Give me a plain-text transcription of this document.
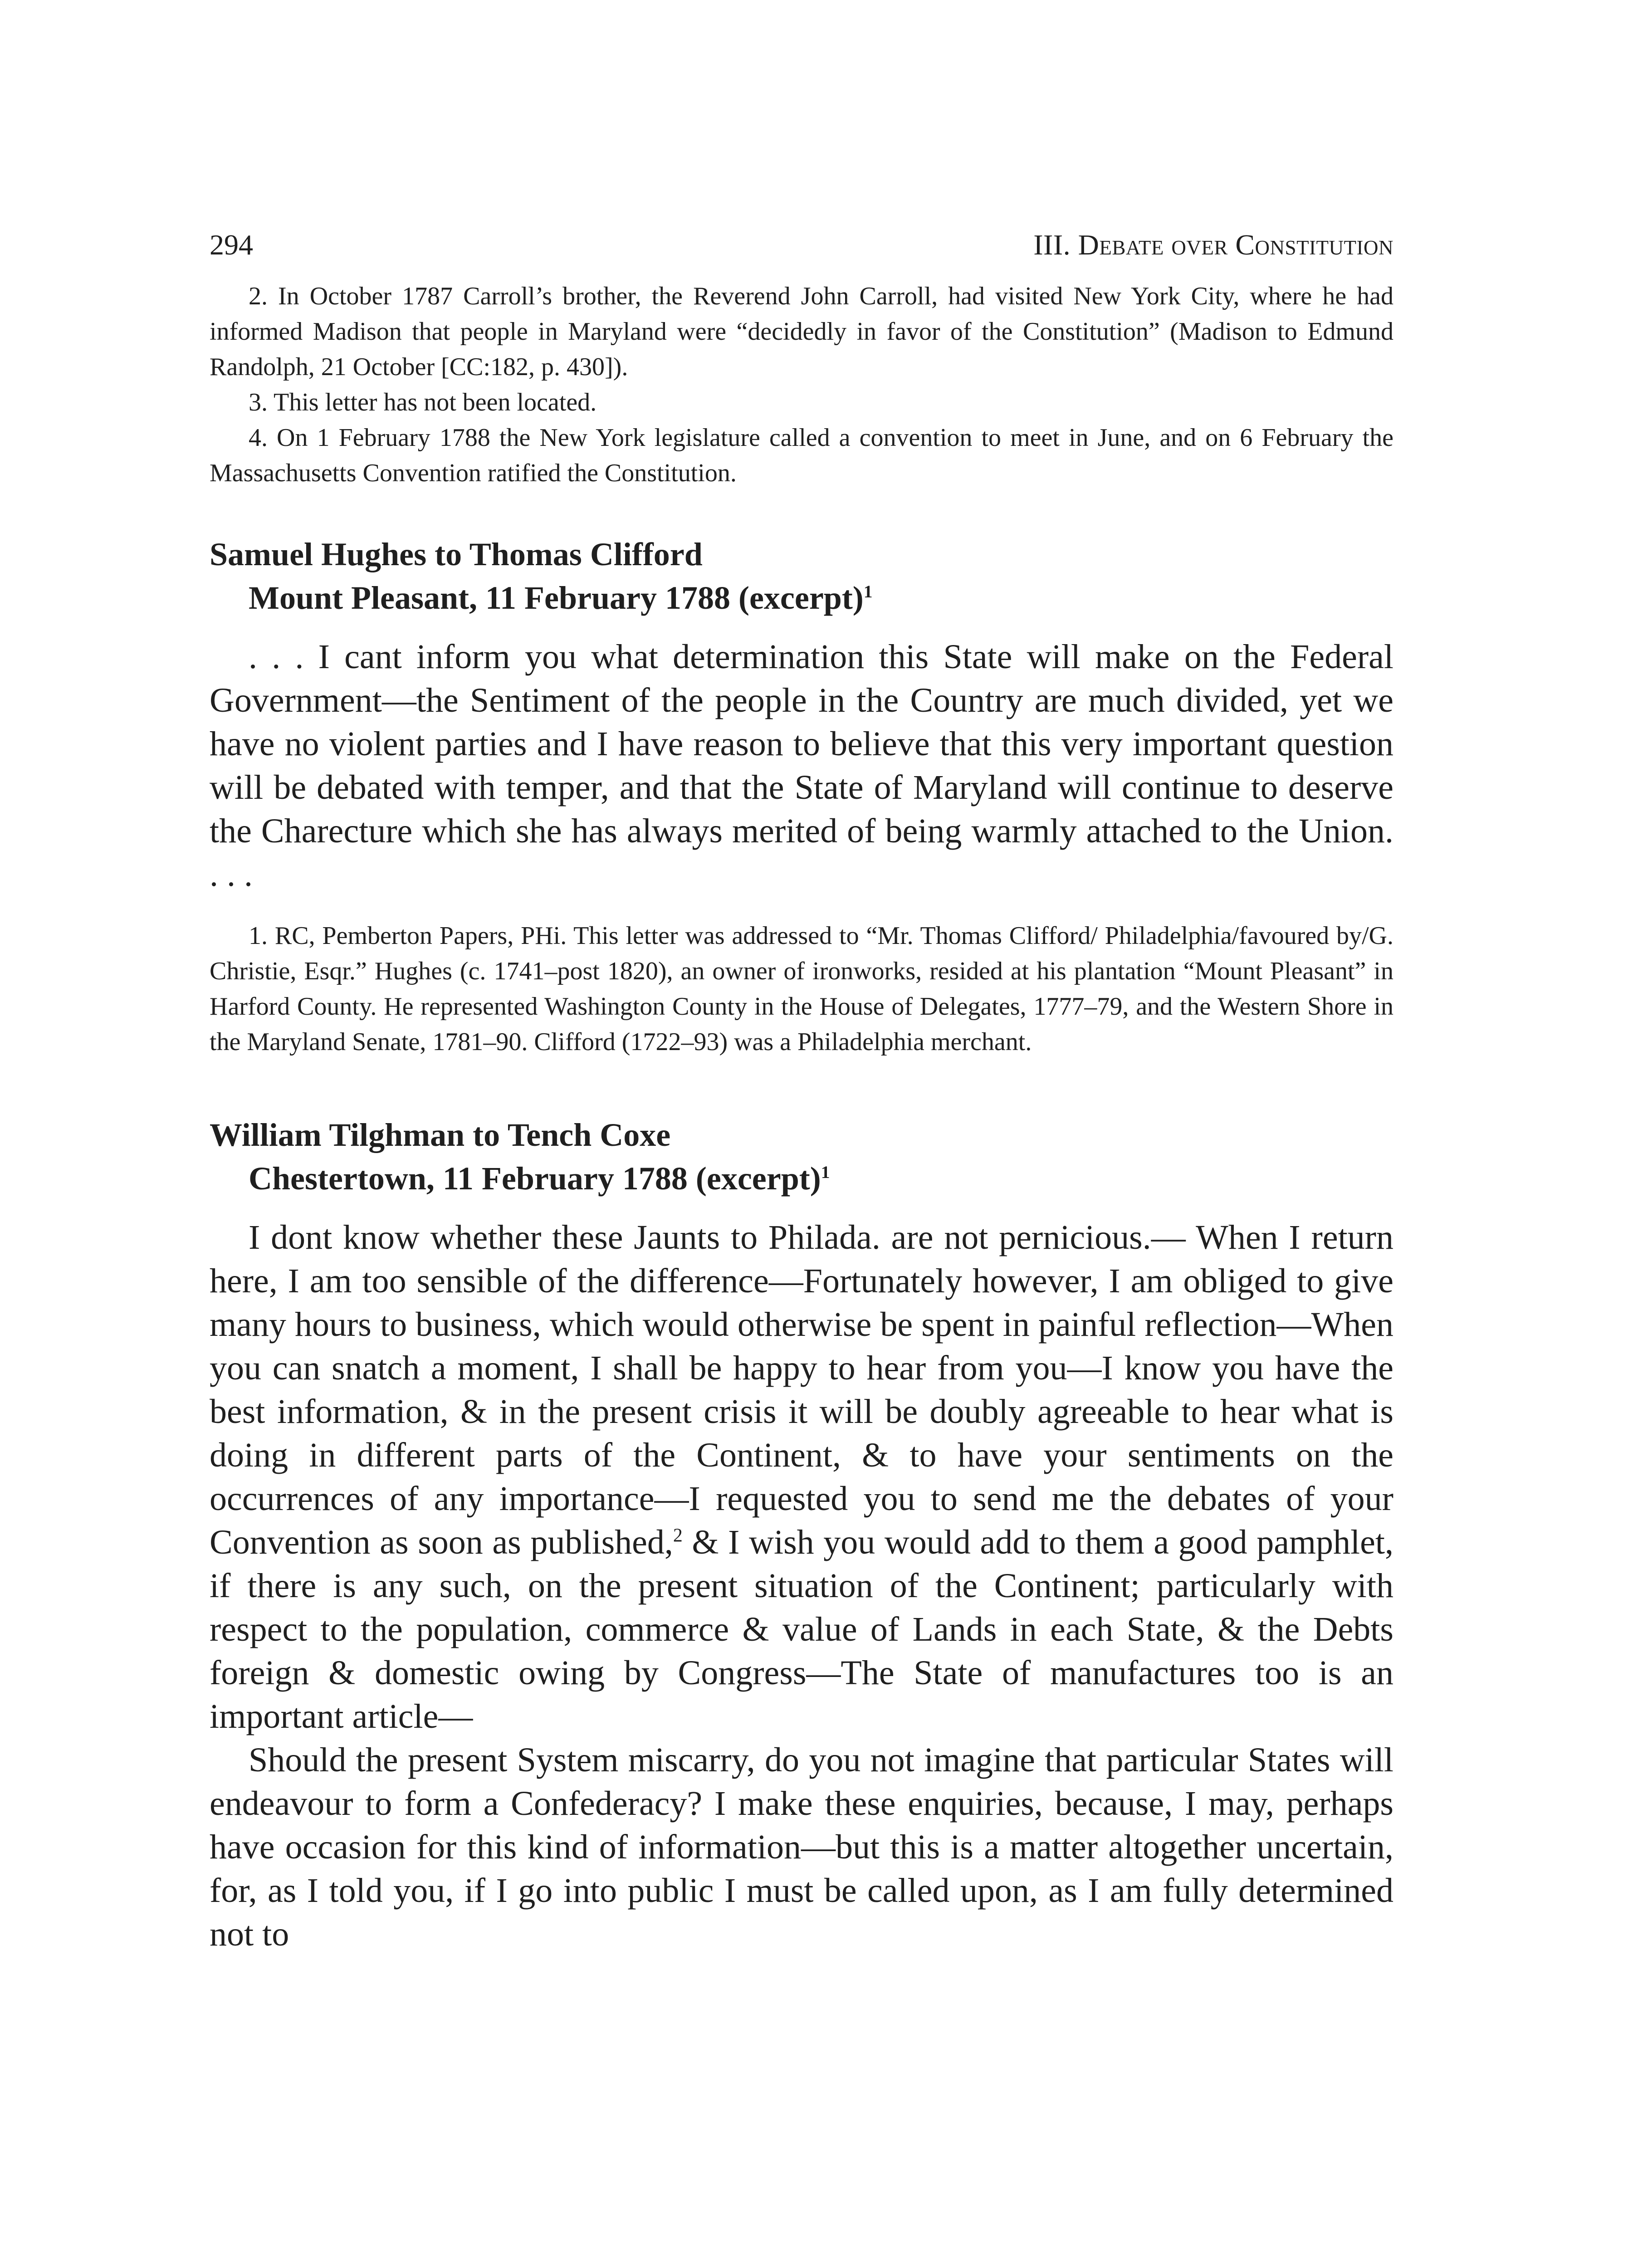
294	III. Debate over Constitution

2. In October 1787 Carroll’s brother, the Reverend John Carroll, had visited New York City, where he had informed Madison that people in Maryland were “decidedly in favor of the Constitution” (Madison to Edmund Randolph, 21 October [CC:182, p. 430]).

3. This letter has not been located.

4. On 1 February 1788 the New York legislature called a convention to meet in June, and on 6 February the Massachusetts Convention ratified the Constitution.

Samuel Hughes to Thomas Clifford
Mount Pleasant, 11 February 1788 (excerpt)$^1$

. . . I cant inform you what determination this State will make on the Federal Government—the Sentiment of the people in the Country are much divided, yet we have no violent parties and I have reason to believe that this very important question will be debated with temper, and that the State of Maryland will continue to deserve the Charecture which she has always merited of being warmly attached to the Union. . . .

1. RC, Pemberton Papers, PHi. This letter was addressed to “Mr. Thomas Clifford/ Philadelphia/favoured by/G. Christie, Esqr.” Hughes (c. 1741–post 1820), an owner of ironworks, resided at his plantation “Mount Pleasant” in Harford County. He represented Washington County in the House of Delegates, 1777–79, and the Western Shore in the Maryland Senate, 1781–90. Clifford (1722–93) was a Philadelphia merchant.

William Tilghman to Tench Coxe
Chestertown, 11 February 1788 (excerpt)$^1$

I dont know whether these Jaunts to Philada. are not pernicious.— When I return here, I am too sensible of the difference—Fortunately however, I am obliged to give many hours to business, which would otherwise be spent in painful reflection—When you can snatch a moment, I shall be happy to hear from you—I know you have the best information, & in the present crisis it will be doubly agreeable to hear what is doing in different parts of the Continent, & to have your sentiments on the occurrences of any importance—I requested you to send me the debates of your Convention as soon as published,$^2$ & I wish you would add to them a good pamphlet, if there is any such, on the present situation of the Continent; particularly with respect to the population, commerce & value of Lands in each State, & the Debts foreign & domestic owing by Congress—The State of manufactures too is an important article—

Should the present System miscarry, do you not imagine that particular States will endeavour to form a Confederacy? I make these enquiries, because, I may, perhaps have occasion for this kind of information—but this is a matter altogether uncertain, for, as I told you, if I go into public I must be called upon, as I am fully determined not to
